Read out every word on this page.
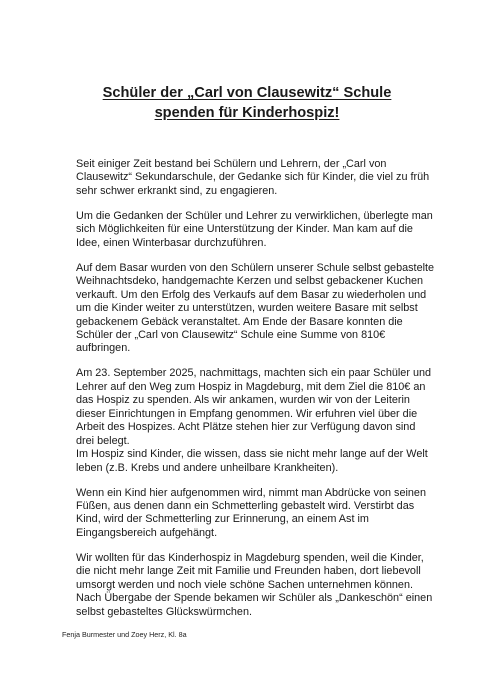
Schüler der „Carl von Clausewitz“ Schule
spenden für Kinderhospiz!

Seit einiger Zeit bestand bei Schülern und Lehrern, der „Carl von Clausewitz“ Sekundarschule, der Gedanke sich für Kinder, die viel zu früh sehr schwer erkrankt sind, zu engagieren.

Um die Gedanken der Schüler und Lehrer zu verwirklichen, überlegte man sich Möglichkeiten für eine Unterstützung der Kinder. Man kam auf die Idee, einen Winterbasar durchzuführen.

Auf dem Basar wurden von den Schülern unserer Schule selbst gebastelte Weihnachtsdeko, handgemachte Kerzen und selbst gebackener Kuchen verkauft. Um den Erfolg des Verkaufs auf dem Basar zu wiederholen und um die Kinder weiter zu unterstützen, wurden weitere Basare mit selbst gebackenem Gebäck veranstaltet. Am Ende der Basare konnten die Schüler der „Carl von Clausewitz“ Schule eine Summe von 810€ aufbringen.

Am 23. September 2025, nachmittags, machten sich ein paar Schüler und Lehrer auf den Weg zum Hospiz in Magdeburg, mit dem Ziel die 810€ an das Hospiz zu spenden. Als wir ankamen, wurden wir von der Leiterin dieser Einrichtungen in Empfang genommen. Wir erfuhren viel über die Arbeit des Hospizes. Acht Plätze stehen hier zur Verfügung davon sind drei belegt.

Im Hospiz sind Kinder, die wissen, dass sie nicht mehr lange auf der Welt leben (z.B. Krebs und andere unheilbare Krankheiten).

Wenn ein Kind hier aufgenommen wird, nimmt man Abdrücke von seinen Füßen, aus denen dann ein Schmetterling gebastelt wird. Verstirbt das Kind, wird der Schmetterling zur Erinnerung, an einem Ast im Eingangsbereich aufgehängt.

Wir wollten für das Kinderhospiz in Magdeburg spenden, weil die Kinder, die nicht mehr lange Zeit mit Familie und Freunden haben, dort liebevoll umsorgt werden und noch viele schöne Sachen unternehmen können. Nach Übergabe der Spende bekamen wir Schüler als „Dankeschön“ einen selbst gebasteltes Glückswürmchen.

Fenja Burmester und Zoey Herz, Kl. 8a
